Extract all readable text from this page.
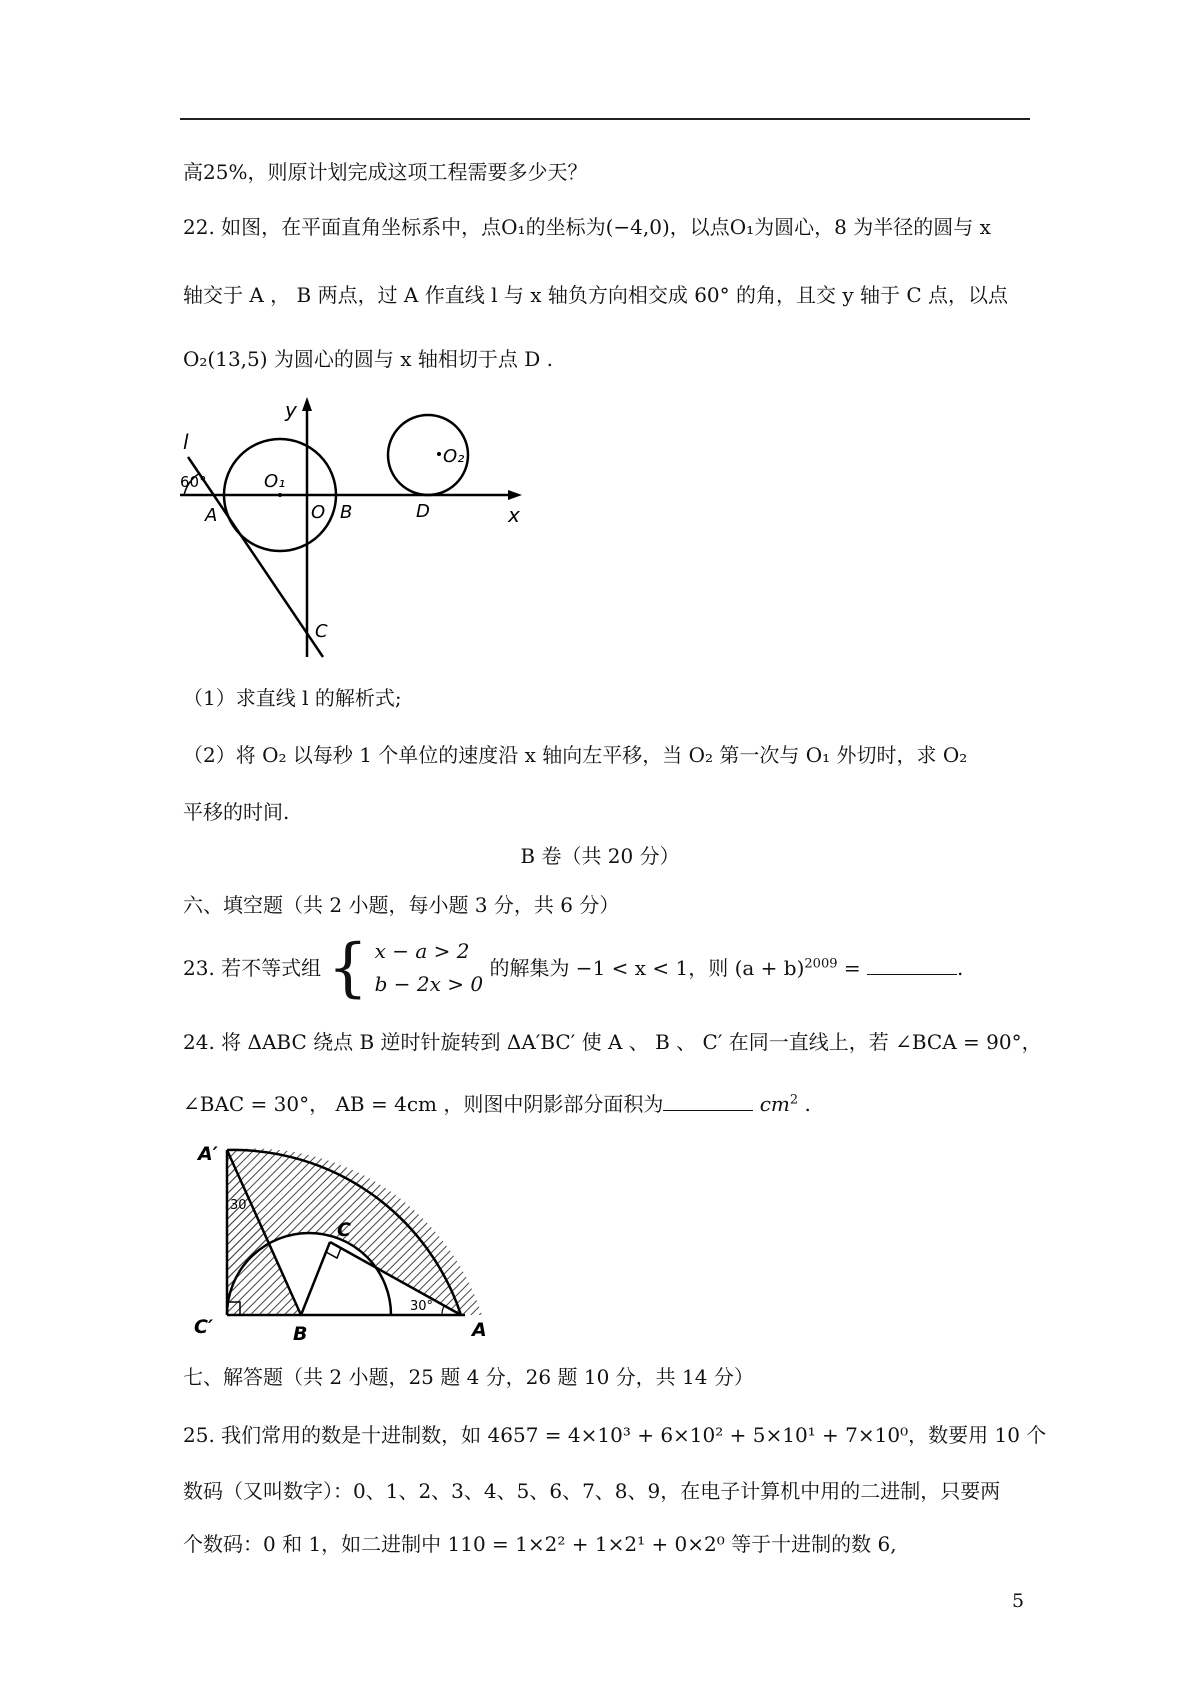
高25%，则原计划完成这项工程需要多少天？
22. 如图，在平面直角坐标系中，点O₁的坐标为(−4,0)，以点O₁为圆心，8 为半径的圆与 x
轴交于 A ， B 两点，过 A 作直线 l 与 x 轴负方向相交成 60° 的角，且交 y 轴于 C 点，以点
O₂(13,5) 为圆心的圆与 x 轴相切于点 D .
l
60°
y
x
O₁
O₂
O B
A	D
C
（1）求直线 l 的解析式;
（2）将 O₂ 以每秒 1 个单位的速度沿 x 轴向左平移，当 O₂ 第一次与 O₁ 外切时，求 O₂
平移的时间.
B 卷（共 20 分）
六、填空题（共 2 小题，每小题 3 分，共 6 分）
23. 若不等式组 { x − a > 2
b − 2x > 0
的解集为 −1 < x < 1，则 $(a + b)^{2009}$ =	.
24. 将 ΔABC 绕点 B 逆时针旋转到 ΔA′BC′ 使 A 、 B 、 C′ 在同一直线上，若 ∠BCA = 90°，
∠BAC = 30°， AB = 4cm ，则图中阴影部分面积为	$cm^2$ .
A′
C′	B
C
A
30
30°
七、解答题（共 2 小题，25 题 4 分，26 题 10 分，共 14 分）
25. 我们常用的数是十进制数，如 4657 = 4×10³ + 6×10² + 5×10¹ + 7×10⁰，数要用 10 个
数码（又叫数字）：0、1、2、3、4、5、6、7、8、9，在电子计算机中用的二进制，只要两
个数码：0 和 1，如二进制中 110 = 1×2² + 1×2¹ + 0×2⁰ 等于十进制的数 6,
5
